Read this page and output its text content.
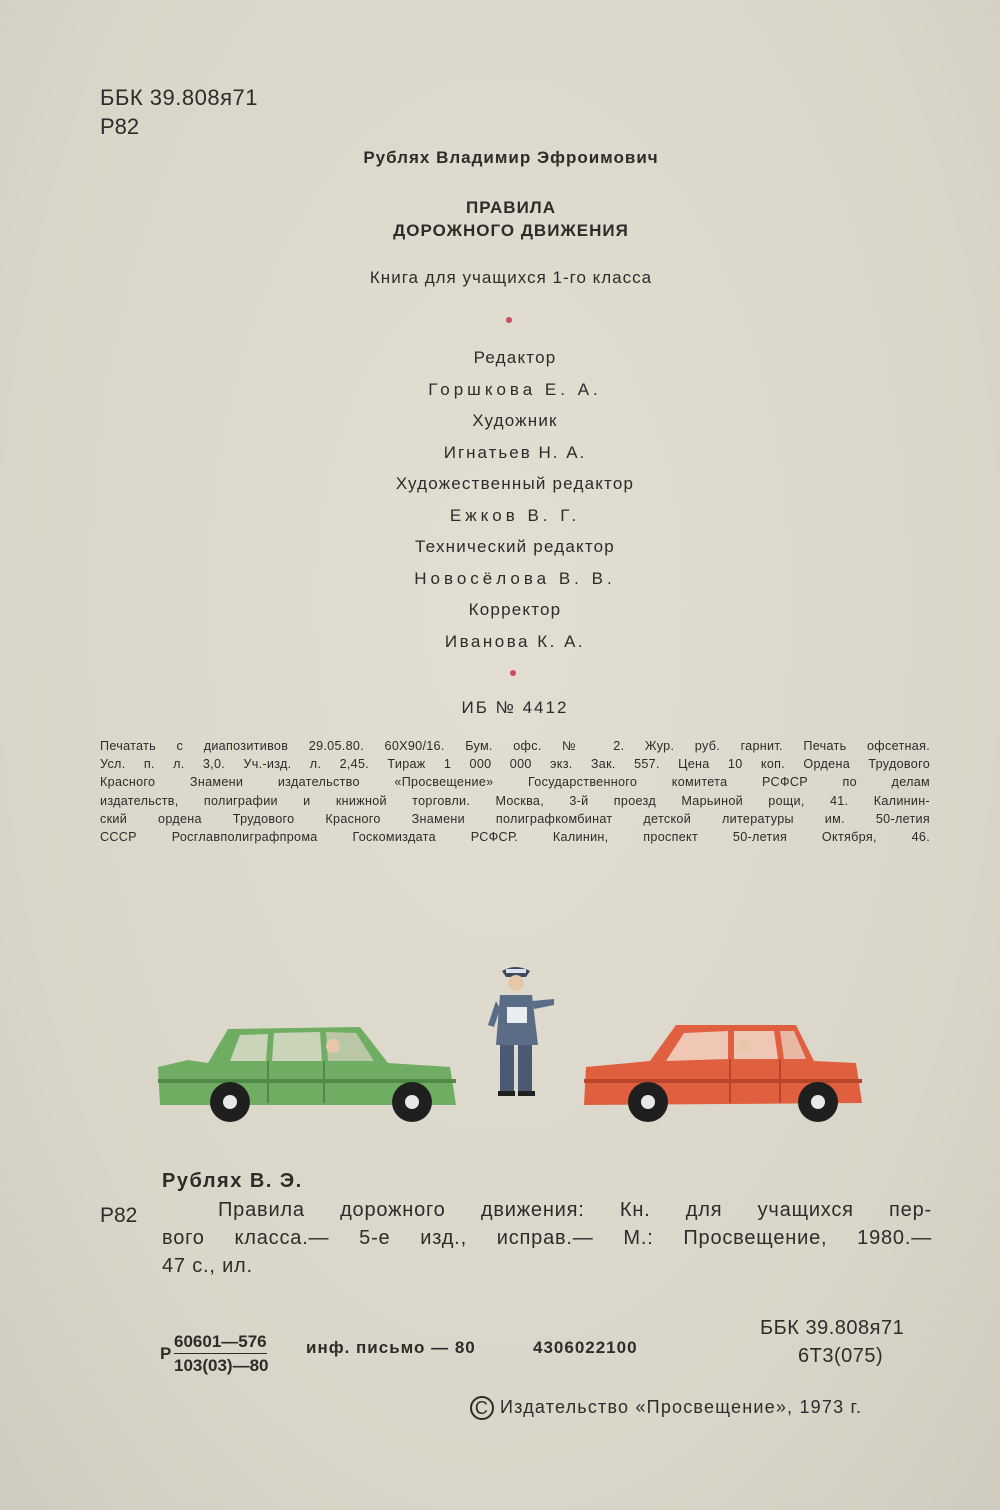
ББК 39.808я71
Р82
Рублях Владимир Эфроимович
ПРАВИЛА
ДОРОЖНОГО ДВИЖЕНИЯ
Книга для учащихся 1-го класса
Редактор
Горшкова Е. А.
Художник
Игнатьев Н. А.
Художественный редактор
Ежков В. Г.
Технический редактор
Новосёлова В. В.
Корректор
Иванова К. А.
ИБ № 4412
Печатать с диапозитивов 29.05.80. 60X90/16. Бум. офс. № 2. Жур. руб. гарнит. Печать офсетная.
Усл. п. л. 3,0. Уч.-изд. л. 2,45. Тираж 1 000 000 экз. Зак. 557. Цена 10 коп. Ордена Трудового
Красного Знамени издательство «Просвещение» Государственного комитета РСФСР по делам
издательств, полиграфии и книжной торговли. Москва, 3-й проезд Марьиной рощи, 41. Калинин-
ский ордена Трудового Красного Знамени полиграфкомбинат детской литературы им. 50-летия
СССР Росглавполиграфпрома Госкомиздата РСФСР. Калинин, проспект 50-летия Октября, 46.
Рублях В. Э.
Р82	Правила дорожного движения: Кн. для учащихся пер-
вого класса.— 5-е изд., исправ.— М.: Просвещение, 1980.—
47 с., ил.
Р
60601—576
103(03)—80
инф. письмо — 80	4306022100
ББК 39.808я71
6Т3(075)
C Издательство «Просвещение», 1973 г.
